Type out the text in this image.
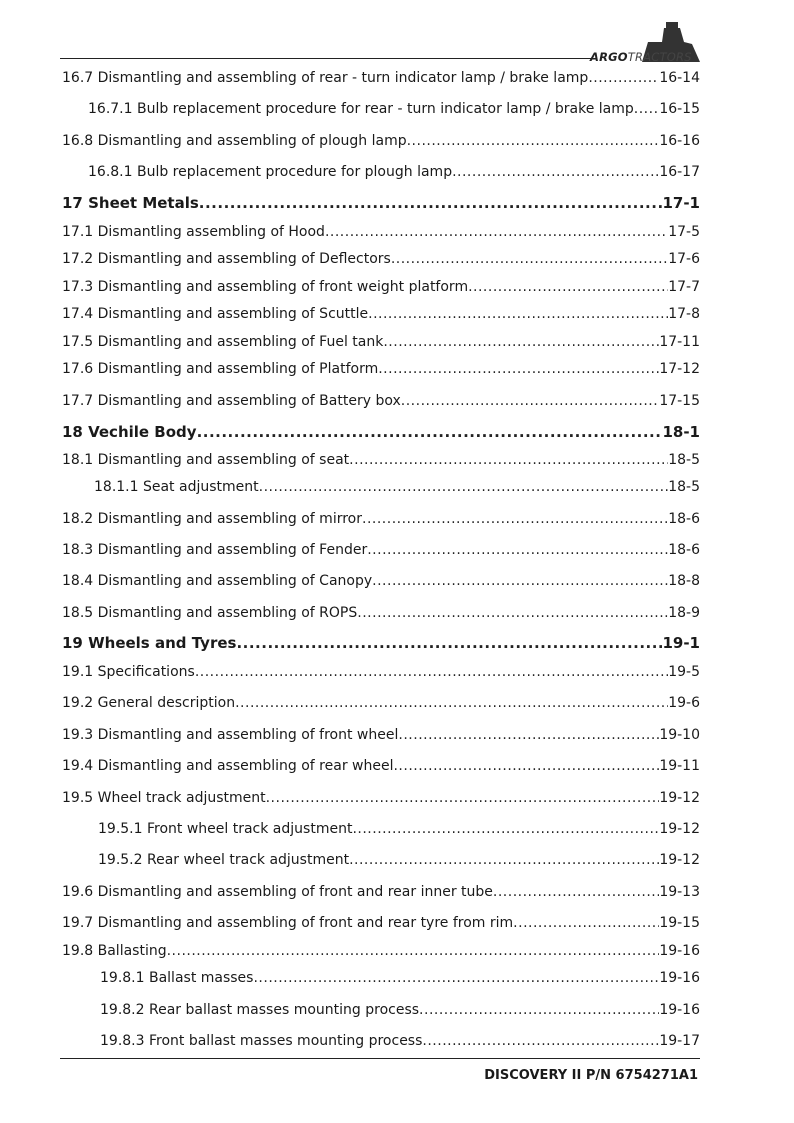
ARGOTRACTORS
16.7 Dismantling and assembling of rear - turn indicator lamp / brake lamp .....	16-14
16.7.1 Bulb replacement procedure for rear - turn indicator lamp / brake lamp ..... 16-15
16.8 Dismantling and assembling of plough lamp .....	16-16
16.8.1 Bulb replacement procedure for plough lamp .....	16-17
17 Sheet Metals .....	17-1
17.1 Dismantling assembling of Hood .....	17-5
17.2 Dismantling and assembling of Deflectors .....	17-6
17.3 Dismantling and assembling of front weight platform .....	17-7
17.4 Dismantling and assembling of Scuttle .....	17-8
17.5 Dismantling and assembling of Fuel tank .....	17-11
17.6 Dismantling and assembling of Platform .....	17-12
17.7 Dismantling and assembling of Battery box .....	17-15
18 Vechile Body .....	18-1
18.1 Dismantling and assembling of seat .....	18-5
18.1.1 Seat adjustment .....	18-5
18.2 Dismantling and assembling of mirror .....	18-6
18.3 Dismantling and assembling of Fender .....	18-6
18.4 Dismantling and assembling of Canopy .....	18-8
18.5 Dismantling and assembling of ROPS .....	18-9
19 Wheels and Tyres .....	19-1
19.1 Specifications .....	19-5
19.2 General description .....	19-6
19.3 Dismantling and assembling of front wheel .....	19-10
19.4 Dismantling and assembling of rear wheel .....	19-11
19.5 Wheel track adjustment .....	19-12
19.5.1 Front wheel track adjustment .....	19-12
19.5.2 Rear wheel track adjustment .....	19-12
19.6 Dismantling and assembling of front and rear inner tube .....	19-13
19.7 Dismantling and assembling of front and rear tyre from rim .....	19-15
19.8 Ballasting .....	19-16
19.8.1 Ballast masses .....	19-16
19.8.2 Rear ballast masses mounting process .....	19-16
19.8.3 Front ballast masses mounting process .....	19-17
DISCOVERY II P/N 6754271A1
